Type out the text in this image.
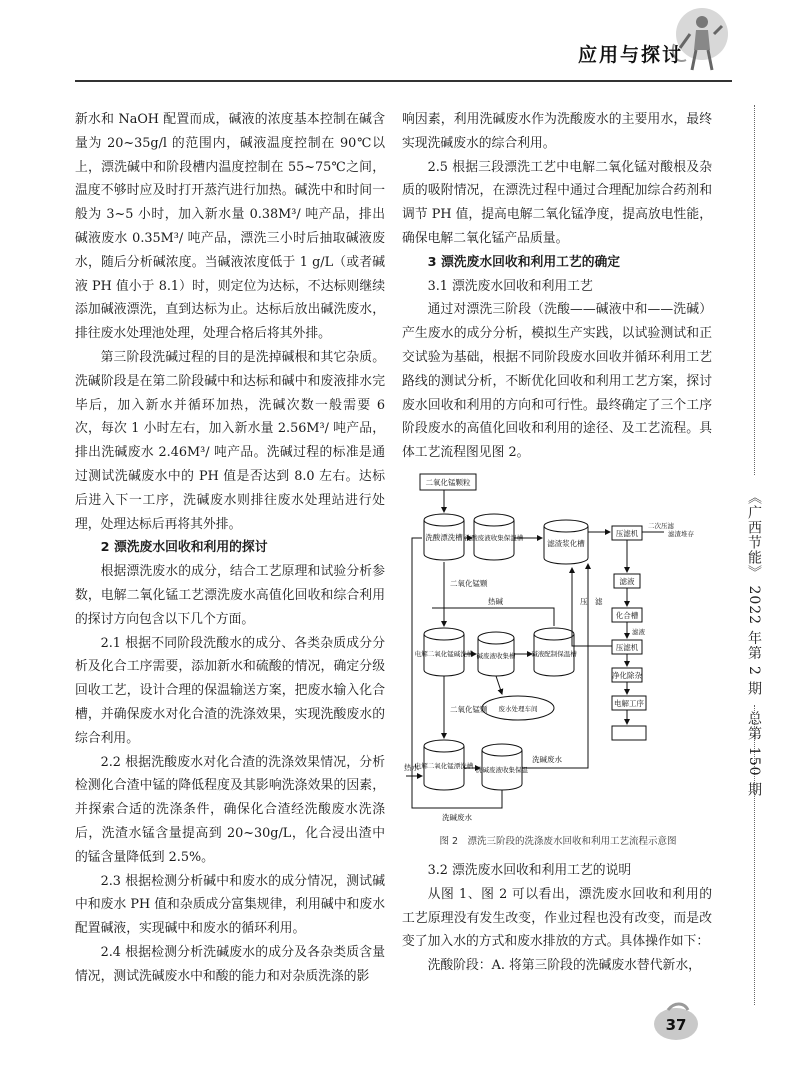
应用与探讨

新水和 NaOH 配置而成，碱液的浓度基本控制在碱含量为 20~35g/l 的范围内，碱液温度控制在 90℃以上，漂洗碱中和阶段槽内温度控制在 55~75℃之间，温度不够时应及时打开蒸汽进行加热。碱洗中和时间一般为 3~5 小时，加入新水量 0.38M³/ 吨产品，排出碱液废水 0.35M³/ 吨产品，漂洗三小时后抽取碱液废水，随后分析碱浓度。当碱液浓度低于 1 g/L（或者碱液 PH 值小于 8.1）时，则定位为达标，不达标则继续添加碱液漂洗，直到达标为止。达标后放出碱洗废水，排往废水处理池处理，处理合格后将其外排。

第三阶段洗碱过程的目的是洗掉碱根和其它杂质。洗碱阶段是在第二阶段碱中和达标和碱中和废液排水完毕后，加入新水并循环加热，洗碱次数一般需要 6 次，每次 1 小时左右，加入新水量 2.56M³/ 吨产品，排出洗碱废水 2.46M³/ 吨产品。洗碱过程的标准是通过测试洗碱废水中的 PH 值是否达到 8.0 左右。达标后进入下一工序，洗碱废水则排往废水处理站进行处理，处理达标后再将其外排。

2 漂洗废水回收和利用的探讨

根据漂洗废水的成分，结合工艺原理和试验分析参数，电解二氧化锰工艺漂洗废水高值化回收和综合利用的探讨方向包含以下几个方面。

2.1 根据不同阶段洗酸水的成分、各类杂质成分分析及化合工序需要，添加新水和硫酸的情况，确定分级回收工艺，设计合理的保温输送方案，把废水输入化合槽，并确保废水对化合渣的洗涤效果，实现洗酸废水的综合利用。

2.2 根据洗酸废水对化合渣的洗涤效果情况，分析检测化合渣中锰的降低程度及其影响洗涤效果的因素，并探索合适的洗涤条件，确保化合渣经洗酸废水洗涤后，洗渣水锰含量提高到 20~30g/L，化合浸出渣中的锰含量降低到 2.5%。

2.3 根据检测分析碱中和废水的成分情况，测试碱中和废水 PH 值和杂质成分富集规律，利用碱中和废水配置碱液，实现碱中和废水的循环利用。

2.4 根据检测分析洗碱废水的成分及各杂类质含量情况，测试洗碱废水中和酸的能力和对杂质洗涤的影

响因素，利用洗碱废水作为洗酸废水的主要用水，最终实现洗碱废水的综合利用。

2.5 根据三段漂洗工艺中电解二氧化锰对酸根及杂质的吸附情况，在漂洗过程中通过合理配加综合药剂和调节 PH 值，提高电解二氧化锰净度，提高放电性能，确保电解二氧化锰产品质量。

3 漂洗废水回收和利用工艺的确定

3.1 漂洗废水回收和利用工艺

通过对漂洗三阶段（洗酸——碱液中和——洗碱）产生废水的成分分析，模拟生产实践，以试验测试和正交试验为基础，根据不同阶段废水回收并循环利用工艺路线的测试分析，不断优化回收和利用工艺方案，探讨废水回收和利用的方向和可行性。最终确定了三个工序阶段废水的高值化回收和利用的途径、及工艺流程。具体工艺流程图见图 2。

二氧化锰颗粒
洗酸漂洗槽 洗酸废液收集保温槽
滤渣浆化槽
压滤机
二次压滤
滤渣堆存
滤液
化合槽
滤液
压滤机
净化除杂
电解工序
二氧化锰颗
热碱	压　滤
电解二氧化锰碱洗槽 碱废液收集槽 碱液配制保温槽
废水处理车间
二氧化锰颗
电解二氧化锰漂洗槽 洗碱废液收集保温
热水
洗碱废水
洗碱废水
图 2　漂洗三阶段的洗涤废水回收和利用工艺流程示意图

3.2 漂洗废水回收和利用工艺的说明

从图 1、图 2 可以看出，漂洗废水回收和利用的工艺原理没有发生改变，作业过程也没有改变，而是改变了加入水的方式和废水排放的方式。具体操作如下：

洗酸阶段：A. 将第三阶段的洗碱废水替代新水，

《广西节能》 2022 年第 2 期　总第 150 期
37
